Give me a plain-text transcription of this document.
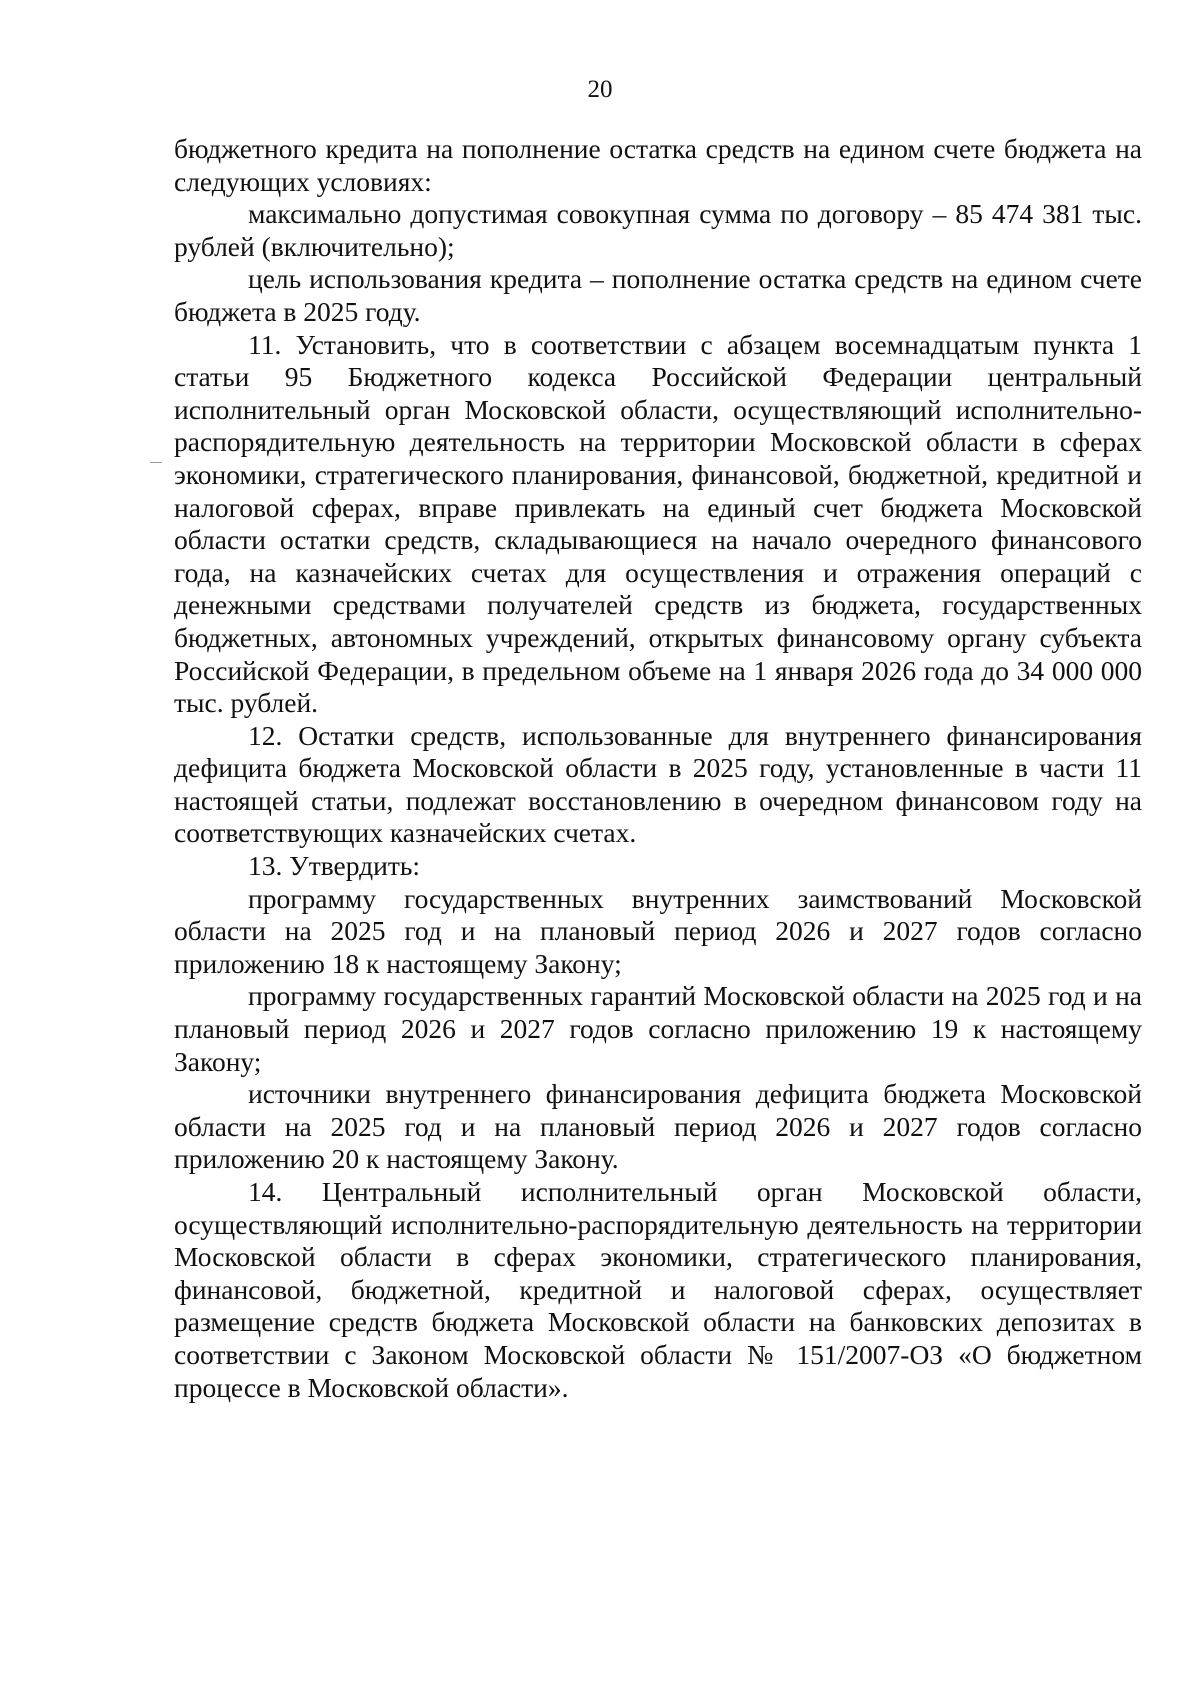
20

бюджетного кредита на пополнение остатка средств на едином счете бюджета на следующих условиях:

максимально допустимая совокупная сумма по договору – 85 474 381 тыс. рублей (включительно);

цель использования кредита – пополнение остатка средств на едином счете бюджета в 2025 году.

11. Установить, что в соответствии с абзацем восемнадцатым пункта 1 статьи 95 Бюджетного кодекса Российской Федерации центральный исполнительный орган Московской области, осуществляющий исполнительно-распорядительную деятельность на территории Московской области в сферах экономики, стратегического планирования, финансовой, бюджетной, кредитной и налоговой сферах, вправе привлекать на единый счет бюджета Московской области остатки средств, складывающиеся на начало очередного финансового года, на казначейских счетах для осуществления и отражения операций с денежными средствами получателей средств из бюджета, государственных бюджетных, автономных учреждений, открытых финансовому органу субъекта Российской Федерации, в предельном объеме на 1 января 2026 года до 34 000 000 тыс. рублей.

12. Остатки средств, использованные для внутреннего финансирования дефицита бюджета Московской области в 2025 году, установленные в части 11 настоящей статьи, подлежат восстановлению в очередном финансовом году на соответствующих казначейских счетах.

13. Утвердить:

программу государственных внутренних заимствований Московской области на 2025 год и на плановый период 2026 и 2027 годов согласно приложению 18 к настоящему Закону;

программу государственных гарантий Московской области на 2025 год и на плановый период 2026 и 2027 годов согласно приложению 19 к настоящему Закону;

источники внутреннего финансирования дефицита бюджета Московской области на 2025 год и на плановый период 2026 и 2027 годов согласно приложению 20 к настоящему Закону.

14. Центральный исполнительный орган Московской области, осуществляющий исполнительно-распорядительную деятельность на территории Московской области в сферах экономики, стратегического планирования, финансовой, бюджетной, кредитной и налоговой сферах, осуществляет размещение средств бюджета Московской области на банковских депозитах в соответствии с Законом Московской области № 151/2007-ОЗ «О бюджетном процессе в Московской области».
